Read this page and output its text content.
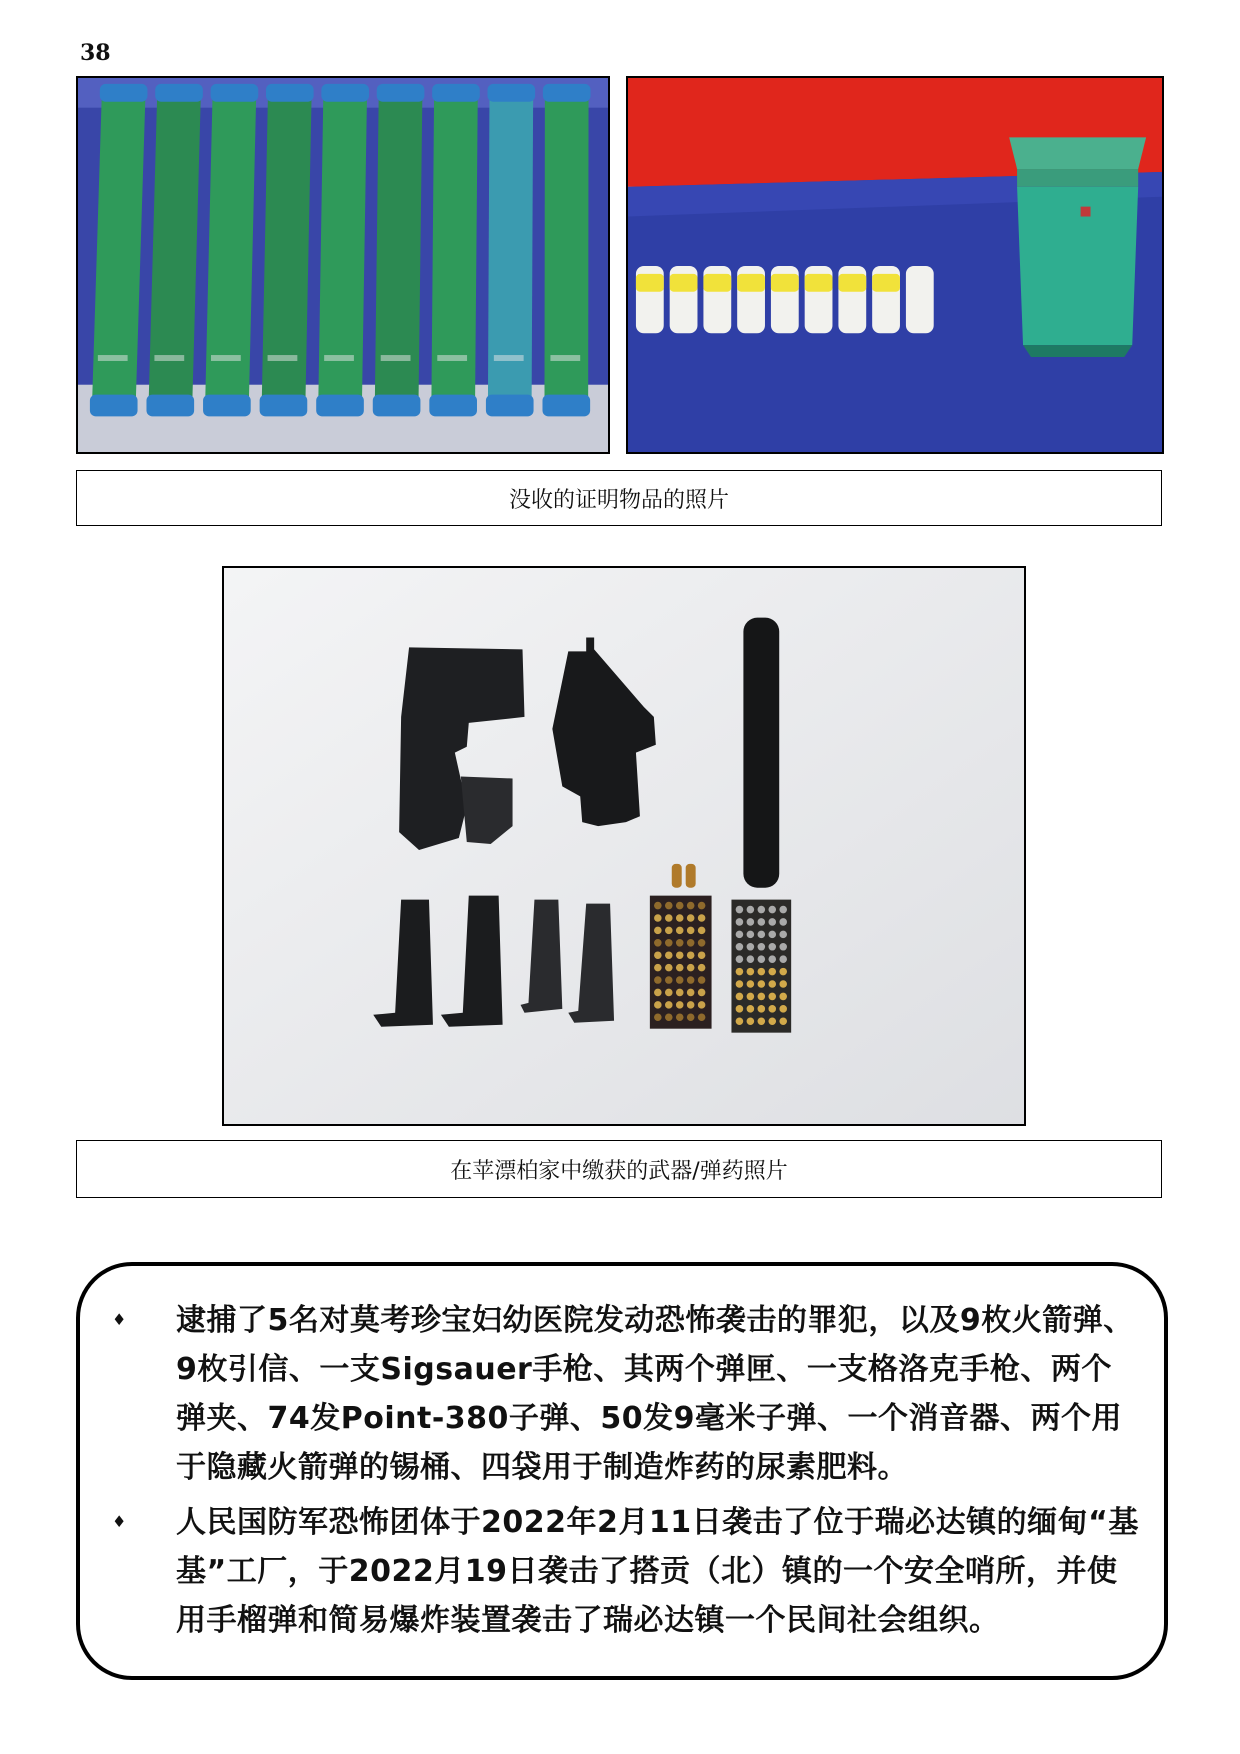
38
没收的证明物品的照片
在苹漂柏家中缴获的武器/弹药照片
♦ 逮捕了5名对莫考珍宝妇幼医院发动恐怖袭击的罪犯，以及9枚火箭弹、9枚引信、一支Sigsauer手枪、其两个弹匣、一支格洛克手枪、两个弹夹、74发Point-380子弹、50发9毫米子弹、一个消音器、两个用于隐藏火箭弹的锡桶、四袋用于制造炸药的尿素肥料。
♦ 人民国防军恐怖团体于2022年2月11日袭击了位于瑞必达镇的缅甸“基基”工厂，于2022月19日袭击了搭贡（北）镇的一个安全哨所，并使用手榴弹和简易爆炸装置袭击了瑞必达镇一个民间社会组织。
